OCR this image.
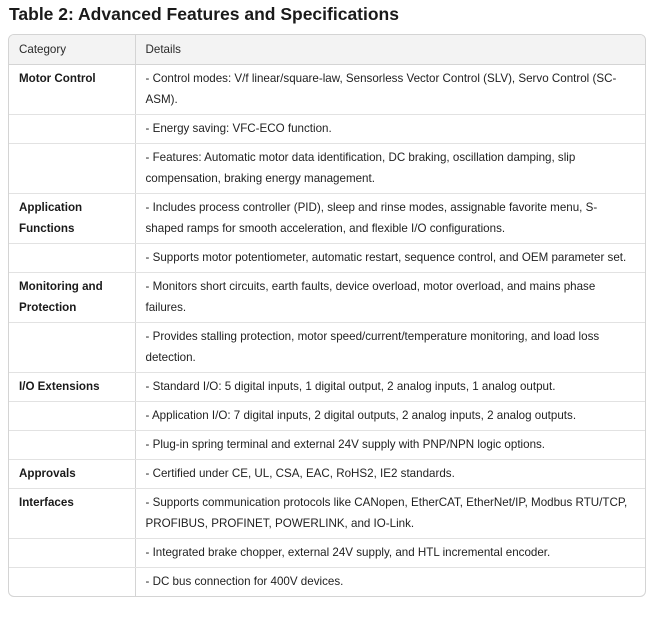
Table 2: Advanced Features and Specifications
Category	Details
Motor Control	- Control modes: V/f linear/square-law, Sensorless Vector Control (SLV), Servo Control (SC-ASM).
	- Energy saving: VFC-ECO function.
	- Features: Automatic motor data identification, DC braking, oscillation damping, slip compensation, braking energy management.
Application Functions	- Includes process controller (PID), sleep and rinse modes, assignable favorite menu, S-shaped ramps for smooth acceleration, and flexible I/O configurations.
	- Supports motor potentiometer, automatic restart, sequence control, and OEM parameter set.
Monitoring and Protection	- Monitors short circuits, earth faults, device overload, motor overload, and mains phase failures.
	- Provides stalling protection, motor speed/current/temperature monitoring, and load loss detection.
I/O Extensions	- Standard I/O: 5 digital inputs, 1 digital output, 2 analog inputs, 1 analog output.
	- Application I/O: 7 digital inputs, 2 digital outputs, 2 analog inputs, 2 analog outputs.
	- Plug-in spring terminal and external 24V supply with PNP/NPN logic options.
Approvals	- Certified under CE, UL, CSA, EAC, RoHS2, IE2 standards.
Interfaces	- Supports communication protocols like CANopen, EtherCAT, EtherNet/IP, Modbus RTU/TCP, PROFIBUS, PROFINET, POWERLINK, and IO-Link.
	- Integrated brake chopper, external 24V supply, and HTL incremental encoder.
	- DC bus connection for 400V devices.
